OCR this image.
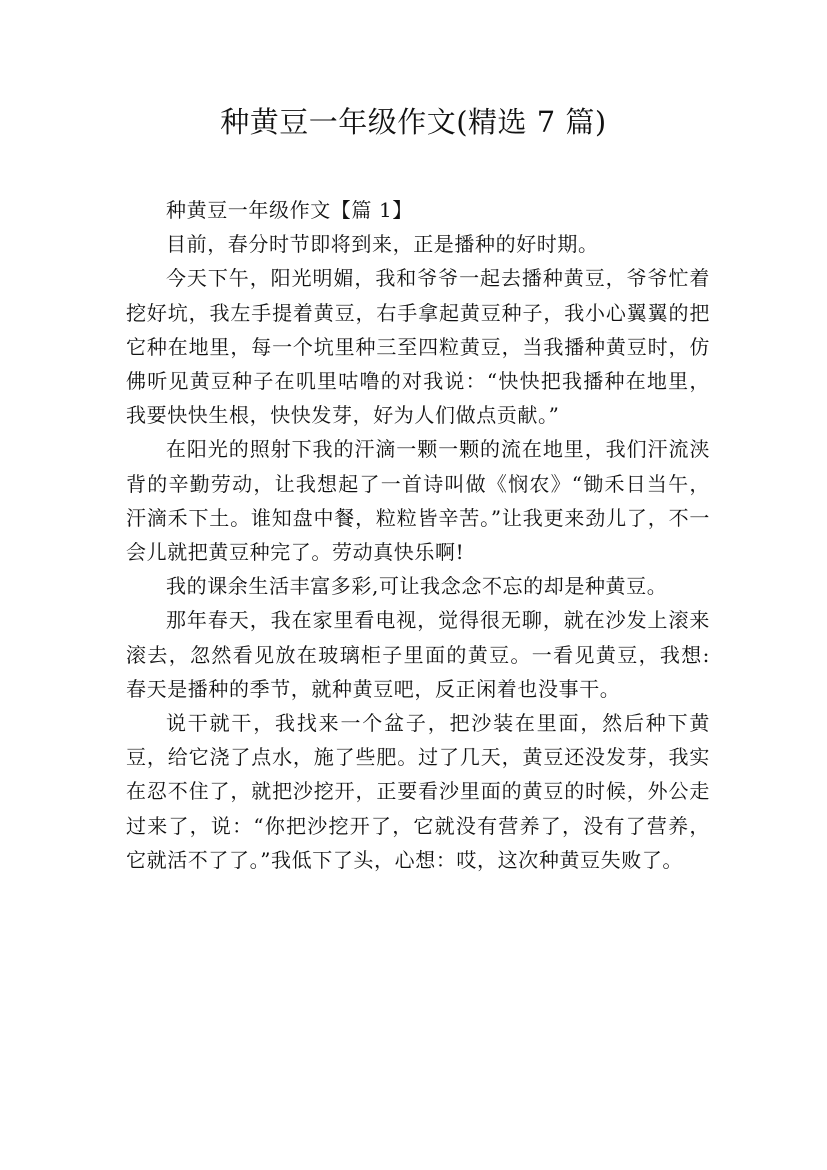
种黄豆一年级作文(精选 7 篇)

种黄豆一年级作文【篇 1】

目前，春分时节即将到来，正是播种的好时期。

今天下午，阳光明媚，我和爷爷一起去播种黄豆，爷爷忙着挖好坑，我左手提着黄豆，右手拿起黄豆种子，我小心翼翼的把它种在地里，每一个坑里种三至四粒黄豆，当我播种黄豆时，仿佛听见黄豆种子在叽里咕噜的对我说：“快快把我播种在地里，我要快快生根，快快发芽，好为人们做点贡献。”

在阳光的照射下我的汗滴一颗一颗的流在地里，我们汗流浃背的辛勤劳动，让我想起了一首诗叫做《悯农》“锄禾日当午，汗滴禾下土。谁知盘中餐，粒粒皆辛苦。”让我更来劲儿了，不一会儿就把黄豆种完了。劳动真快乐啊!

我的课余生活丰富多彩,可让我念念不忘的却是种黄豆。

那年春天，我在家里看电视，觉得很无聊，就在沙发上滚来滚去，忽然看见放在玻璃柜子里面的黄豆。一看见黄豆，我想: 春天是播种的季节，就种黄豆吧，反正闲着也没事干。

说干就干，我找来一个盆子，把沙装在里面，然后种下黄豆，给它浇了点水，施了些肥。过了几天，黄豆还没发芽，我实在忍不住了，就把沙挖开，正要看沙里面的黄豆的时候，外公走过来了，说：“你把沙挖开了，它就没有营养了，没有了营养，它就活不了了。”我低下了头，心想：哎，这次种黄豆失败了。
